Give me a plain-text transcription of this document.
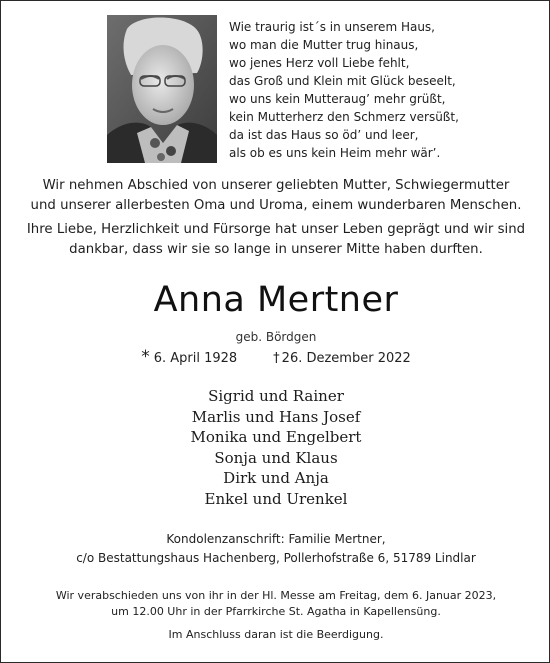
Wie traurig ist´s in unserem Haus,
wo man die Mutter trug hinaus,
wo jenes Herz voll Liebe fehlt,
das Groß und Klein mit Glück beseelt,
wo uns kein Mutteraug’ mehr grüßt,
kein Mutterherz den Schmerz versüßt,
da ist das Haus so öd’ und leer,
als ob es uns kein Heim mehr wär’.
Wir nehmen Abschied von unserer geliebten Mutter, Schwiegermutter
und unserer allerbesten Oma und Uroma, einem wunderbaren Menschen.
Ihre Liebe, Herzlichkeit und Fürsorge hat unser Leben geprägt und wir sind
dankbar, dass wir sie so lange in unserer Mitte haben durften.
Anna Mertner
geb. Bördgen
* 6. April 1928	† 26. Dezember 2022
Sigrid und Rainer
Marlis und Hans Josef
Monika und Engelbert
Sonja und Klaus
Dirk und Anja
Enkel und Urenkel
Kondolenzanschrift: Familie Mertner,
c/o Bestattungshaus Hachenberg, Pollerhofstraße 6, 51789 Lindlar
Wir verabschieden uns von ihr in der Hl. Messe am Freitag, dem 6. Januar 2023,
um 12.00 Uhr in der Pfarrkirche St. Agatha in Kapellensüng.
Im Anschluss daran ist die Beerdigung.
